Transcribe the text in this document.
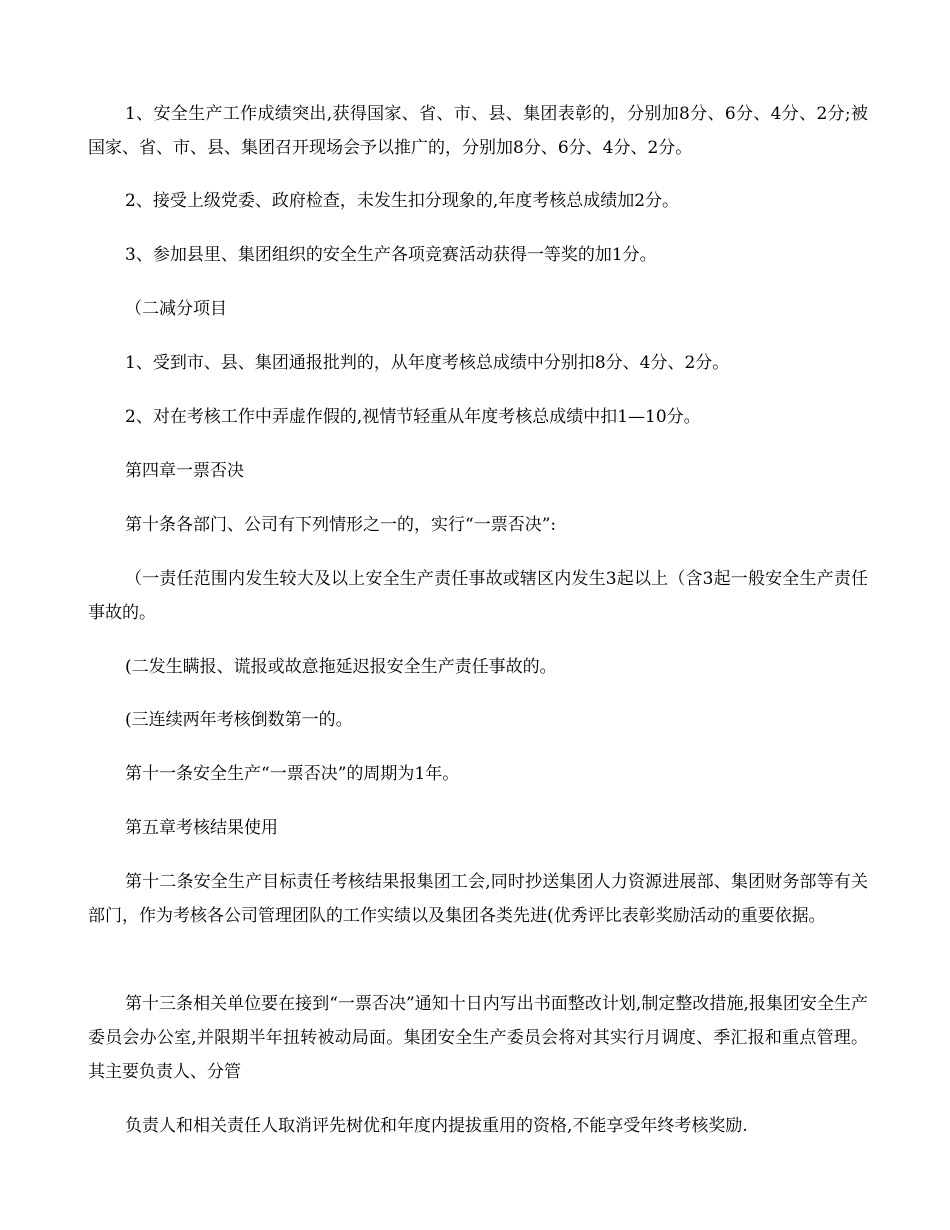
1、安全生产工作成绩突出,获得国家、省、市、县、集团表彰的，分别加8分、6分、4分、2分;被国家、省、市、县、集团召开现场会予以推广的，分别加8分、6分、4分、2分。

2、接受上级党委、政府检查，未发生扣分现象的,年度考核总成绩加2分。

3、参加县里、集团组织的安全生产各项竞赛活动获得一等奖的加1分。

（二减分项目

1、受到市、县、集团通报批判的，从年度考核总成绩中分别扣8分、4分、2分。

2、对在考核工作中弄虚作假的,视情节轻重从年度考核总成绩中扣1—10分。

第四章一票否决

第十条各部门、公司有下列情形之一的，实行“一票否决”:

（一责任范围内发生较大及以上安全生产责任事故或辖区内发生3起以上（含3起一般安全生产责任事故的。

(二发生瞒报、谎报或故意拖延迟报安全生产责任事故的。

(三连续两年考核倒数第一的。

第十一条安全生产“一票否决”的周期为1年。

第五章考核结果使用

第十二条安全生产目标责任考核结果报集团工会,同时抄送集团人力资源进展部、集团财务部等有关部门，作为考核各公司管理团队的工作实绩以及集团各类先进(优秀评比表彰奖励活动的重要依据。

第十三条相关单位要在接到“一票否决”通知十日内写出书面整改计划,制定整改措施,报集团安全生产委员会办公室,并限期半年扭转被动局面。集团安全生产委员会将对其实行月调度、季汇报和重点管理。其主要负责人、分管

负责人和相关责任人取消评先树优和年度内提拔重用的资格,不能享受年终考核奖励.
